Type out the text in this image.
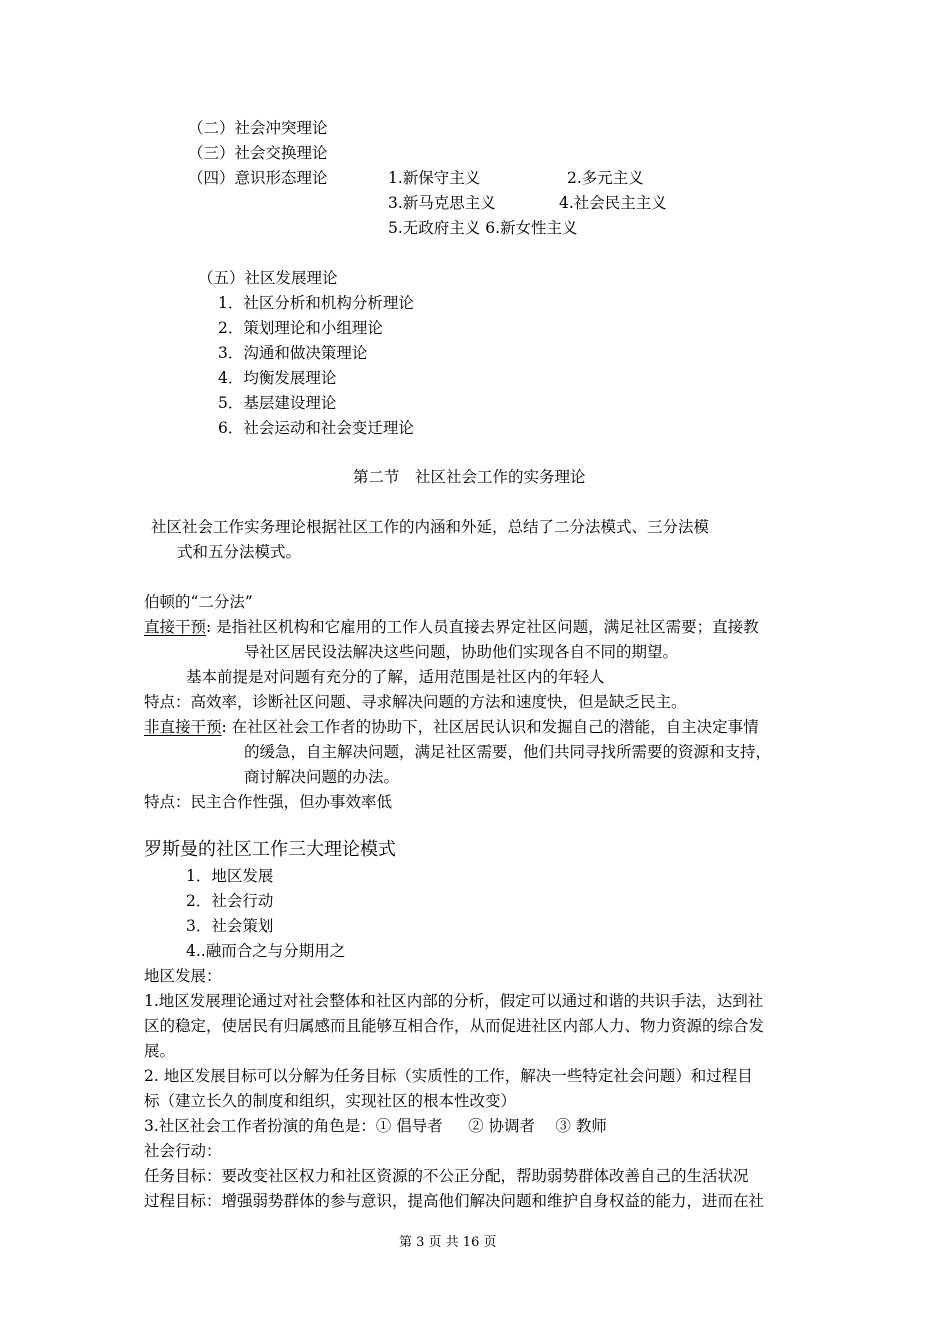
（二）社会冲突理论
（三）社会交换理论
（四）意识形态理论	1.新保守主义	2.多元主义
3.新马克思主义	4.社会民主主义
5.无政府主义 6.新女性主义
（五）社区发展理论
1．社区分析和机构分析理论
2．策划理论和小组理论
3．沟通和做决策理论
4．均衡发展理论
5．基层建设理论
6．社会运动和社会变迁理论
第二节　社区社会工作的实务理论
社区社会工作实务理论根据社区工作的内涵和外延，总结了二分法模式、三分法模
式和五分法模式。
伯顿的“二分法”
直接干预: 是指社区机构和它雇用的工作人员直接去界定社区问题，满足社区需要；直接教
导社区居民设法解决这些问题，协助他们实现各自不同的期望。
基本前提是对问题有充分的了解，适用范围是社区内的年轻人
特点：高效率，诊断社区问题、寻求解决问题的方法和速度快，但是缺乏民主。
非直接干预: 在社区社会工作者的协助下，社区居民认识和发掘自己的潜能，自主决定事情
的缓急，自主解决问题，满足社区需要，他们共同寻找所需要的资源和支持，
商讨解决问题的办法。
特点：民主合作性强，但办事效率低
罗斯曼的社区工作三大理论模式
1．地区发展
2．社会行动
3．社会策划
4..融而合之与分期用之
地区发展：
1.地区发展理论通过对社会整体和社区内部的分析，假定可以通过和谐的共识手法，达到社
区的稳定，使居民有归属感而且能够互相合作，从而促进社区内部人力、物力资源的综合发
展。
2. 地区发展目标可以分解为任务目标（实质性的工作，解决一些特定社会问题）和过程目
标（建立长久的制度和组织，实现社区的根本性改变）
3.社区社会工作者扮演的角色是：① 倡导者 　 ② 协调者 　③ 教师
社会行动：
任务目标：要改变社区权力和社区资源的不公正分配，帮助弱势群体改善自己的生活状况
过程目标：增强弱势群体的参与意识，提高他们解决问题和维护自身权益的能力，进而在社
第 3 页 共 16 页
